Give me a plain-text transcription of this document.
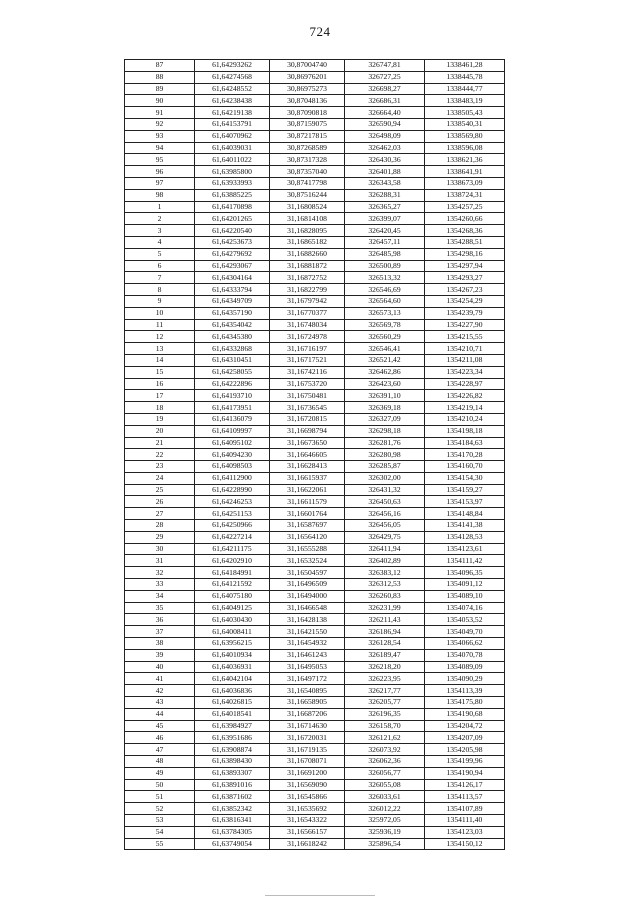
724
87	61,64293262	30,87004740	326747,81	1338461,28
88	61,64274568	30,86976201	326727,25	1338445,78
89	61,64248552	30,86975273	326698,27	1338444,77
90	61,64238438	30,87048136	326686,31	1338483,19
91	61,64219138	30,87090818	326664,40	1338505,43
92	61,64153791	30,87159075	326590,94	1338540,31
93	61,64070962	30,87217815	326498,09	1338569,80
94	61,64039031	30,87268589	326462,03	1338596,08
95	61,64011022	30,87317328	326430,36	1338621,36
96	61,63985800	30,87357040	326401,88	1338641,91
97	61,63933993	30,87417798	326343,58	1338673,09
98	61,63885225	30,87516244	326288,31	1338724,31
1	61,64170898	31,16808524	326365,27	1354257,25
2	61,64201265	31,16814108	326399,07	1354260,66
3	61,64220540	31,16828095	326420,45	1354268,36
4	61,64253673	31,16865182	326457,11	1354288,51
5	61,64279692	31,16882660	326485,98	1354298,16
6	61,64293067	31,16881872	326500,89	1354297,94
7	61,64304164	31,16872752	326513,32	1354293,27
8	61,64333794	31,16822799	326546,69	1354267,23
9	61,64349709	31,16797942	326564,60	1354254,29
10	61,64357190	31,16770377	326573,13	1354239,79
11	61,64354042	31,16748034	326569,78	1354227,90
12	61,64345380	31,16724978	326560,29	1354215,55
13	61,64332868	31,16716197	326546,41	1354210,71
14	61,64310451	31,16717521	326521,42	1354211,08
15	61,64258055	31,16742116	326462,86	1354223,34
16	61,64222896	31,16753720	326423,60	1354228,97
17	61,64193710	31,16750481	326391,10	1354226,82
18	61,64173951	31,16736545	326369,18	1354219,14
19	61,64136079	31,16720815	326327,09	1354210,24
20	61,64109997	31,16698794	326298,18	1354198,18
21	61,64095102	31,16673650	326281,76	1354184,63
22	61,64094230	31,16646605	326280,98	1354170,28
23	61,64098503	31,16628413	326285,87	1354160,70
24	61,64112900	31,16615937	326302,00	1354154,30
25	61,64228990	31,16622061	326431,32	1354159,27
26	61,64246253	31,16611579	326450,63	1354153,97
27	61,64251153	31,16601764	326456,16	1354148,84
28	61,64250966	31,16587697	326456,05	1354141,38
29	61,64227214	31,16564120	326429,75	1354128,53
30	61,64211175	31,16555288	326411,94	1354123,61
31	61,64202910	31,16532524	326402,89	1354111,42
32	61,64184991	31,16504597	326383,12	1354096,35
33	61,64121592	31,16496509	326312,53	1354091,12
34	61,64075180	31,16494000	326260,83	1354089,10
35	61,64049125	31,16466548	326231,99	1354074,16
36	61,64030430	31,16428138	326211,43	1354053,52
37	61,64008411	31,16421550	326186,94	1354049,70
38	61,63956215	31,16454932	326128,54	1354066,62
39	61,64010934	31,16461243	326189,47	1354070,78
40	61,64036931	31,16495053	326218,20	1354089,09
41	61,64042104	31,16497172	326223,95	1354090,29
42	61,64036836	31,16540895	326217,77	1354113,39
43	61,64026815	31,16658905	326205,77	1354175,80
44	61,64018541	31,16687206	326196,35	1354190,68
45	61,63984927	31,16714630	326158,70	1354204,72
46	61,63951686	31,16720031	326121,62	1354207,09
47	61,63908874	31,16719135	326073,92	1354205,98
48	61,63898430	31,16708071	326062,36	1354199,96
49	61,63893307	31,16691200	326056,77	1354190,94
50	61,63891016	31,16569090	326055,08	1354126,17
51	61,63871602	31,16545866	326033,61	1354113,57
52	61,63852342	31,16535692	326012,22	1354107,89
53	61,63816341	31,16543322	325972,05	1354111,40
54	61,63784305	31,16566157	325936,19	1354123,03
55	61,63749054	31,16618242	325896,54	1354150,12
